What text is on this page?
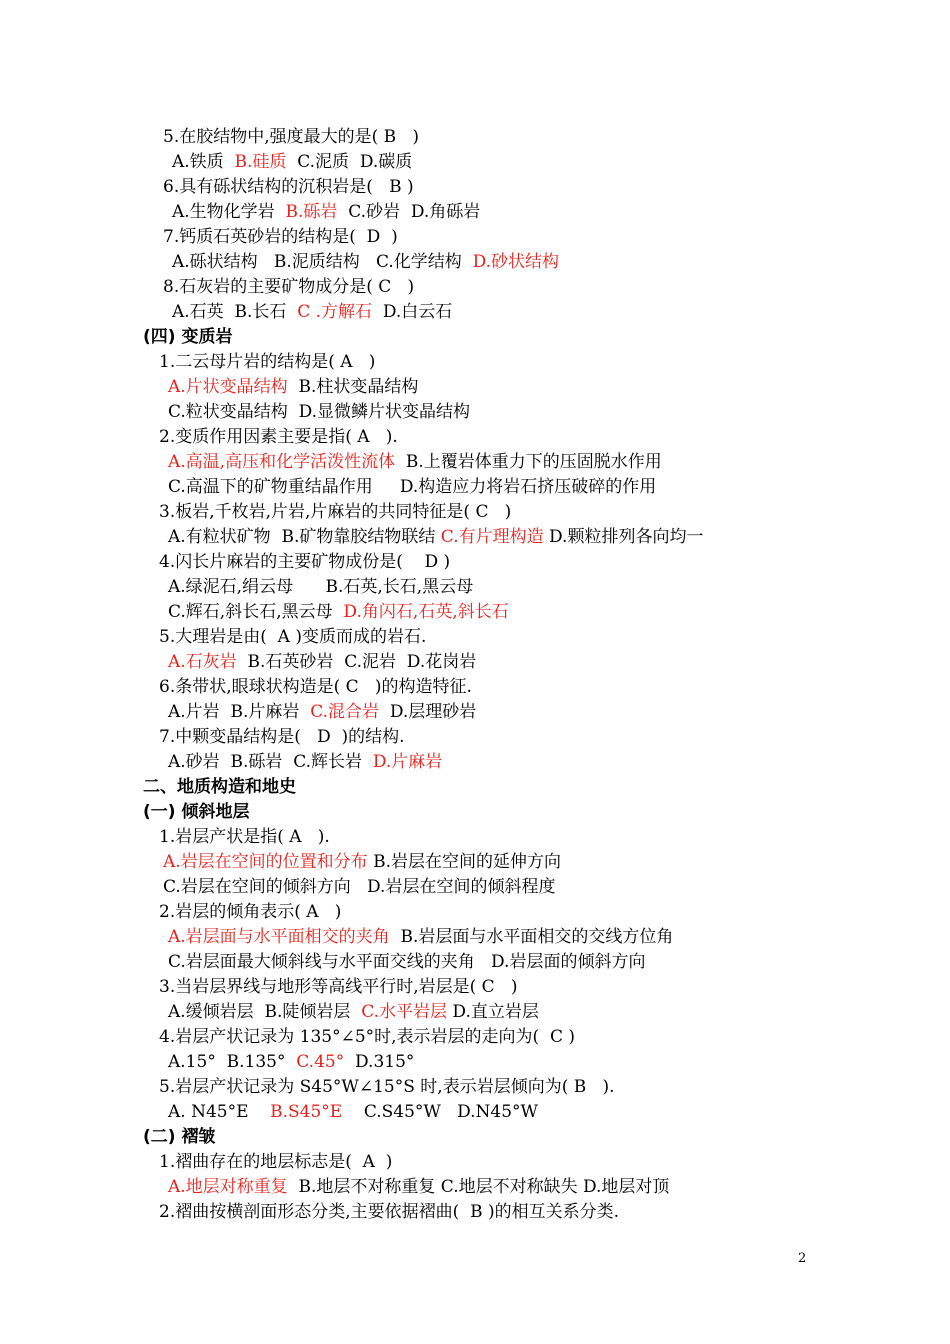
5.在胶结物中,强度最大的是( B   )
A.铁质  B.硅质  C.泥质  D.碳质
6.具有砾状结构的沉积岩是(   B )
A.生物化学岩  B.砾岩  C.砂岩  D.角砾岩
7.钙质石英砂岩的结构是(  D  )
A.砾状结构   B.泥质结构   C.化学结构  D.砂状结构
8.石灰岩的主要矿物成分是( C   )
A.石英  B.长石  C .方解石  D.白云石
(四) 变质岩
1.二云母片岩的结构是( A   )
A.片状变晶结构  B.柱状变晶结构
C.粒状变晶结构  D.显微鳞片状变晶结构
2.变质作用因素主要是指( A   ).
A.高温,高压和化学活泼性流体  B.上覆岩体重力下的压固脱水作用
C.高温下的矿物重结晶作用     D.构造应力将岩石挤压破碎的作用
3.板岩,千枚岩,片岩,片麻岩的共同特征是( C   )
A.有粒状矿物  B.矿物靠胶结物联结 C.有片理构造 D.颗粒排列各向均一
4.闪长片麻岩的主要矿物成份是(    D )
A.绿泥石,绢云母      B.石英,长石,黑云母
C.辉石,斜长石,黑云母  D.角闪石,石英,斜长石
5.大理岩是由(  A )变质而成的岩石.
A.石灰岩  B.石英砂岩  C.泥岩  D.花岗岩
6.条带状,眼球状构造是( C   )的构造特征.
A.片岩  B.片麻岩  C.混合岩  D.层理砂岩
7.中颗变晶结构是(   D  )的结构.
A.砂岩  B.砾岩  C.辉长岩  D.片麻岩
二、地质构造和地史
(一) 倾斜地层
1.岩层产状是指( A   ).
A.岩层在空间的位置和分布 B.岩层在空间的延伸方向
C.岩层在空间的倾斜方向   D.岩层在空间的倾斜程度
2.岩层的倾角表示( A   )
A.岩层面与水平面相交的夹角  B.岩层面与水平面相交的交线方位角
C.岩层面最大倾斜线与水平面交线的夹角   D.岩层面的倾斜方向
3.当岩层界线与地形等高线平行时,岩层是( C   )
A.缓倾岩层  B.陡倾岩层  C.水平岩层 D.直立岩层
4.岩层产状记录为 135°∠5°时,表示岩层的走向为(  C )
A.15°  B.135°  C.45°  D.315°
5.岩层产状记录为 S45°W∠15°S 时,表示岩层倾向为( B   ).
A. N45°E    B.S45°E    C.S45°W   D.N45°W
(二) 褶皱
1.褶曲存在的地层标志是(  A  )
A.地层对称重复  B.地层不对称重复 C.地层不对称缺失 D.地层对顶
2.褶曲按横剖面形态分类,主要依据褶曲(  B )的相互关系分类.
2
